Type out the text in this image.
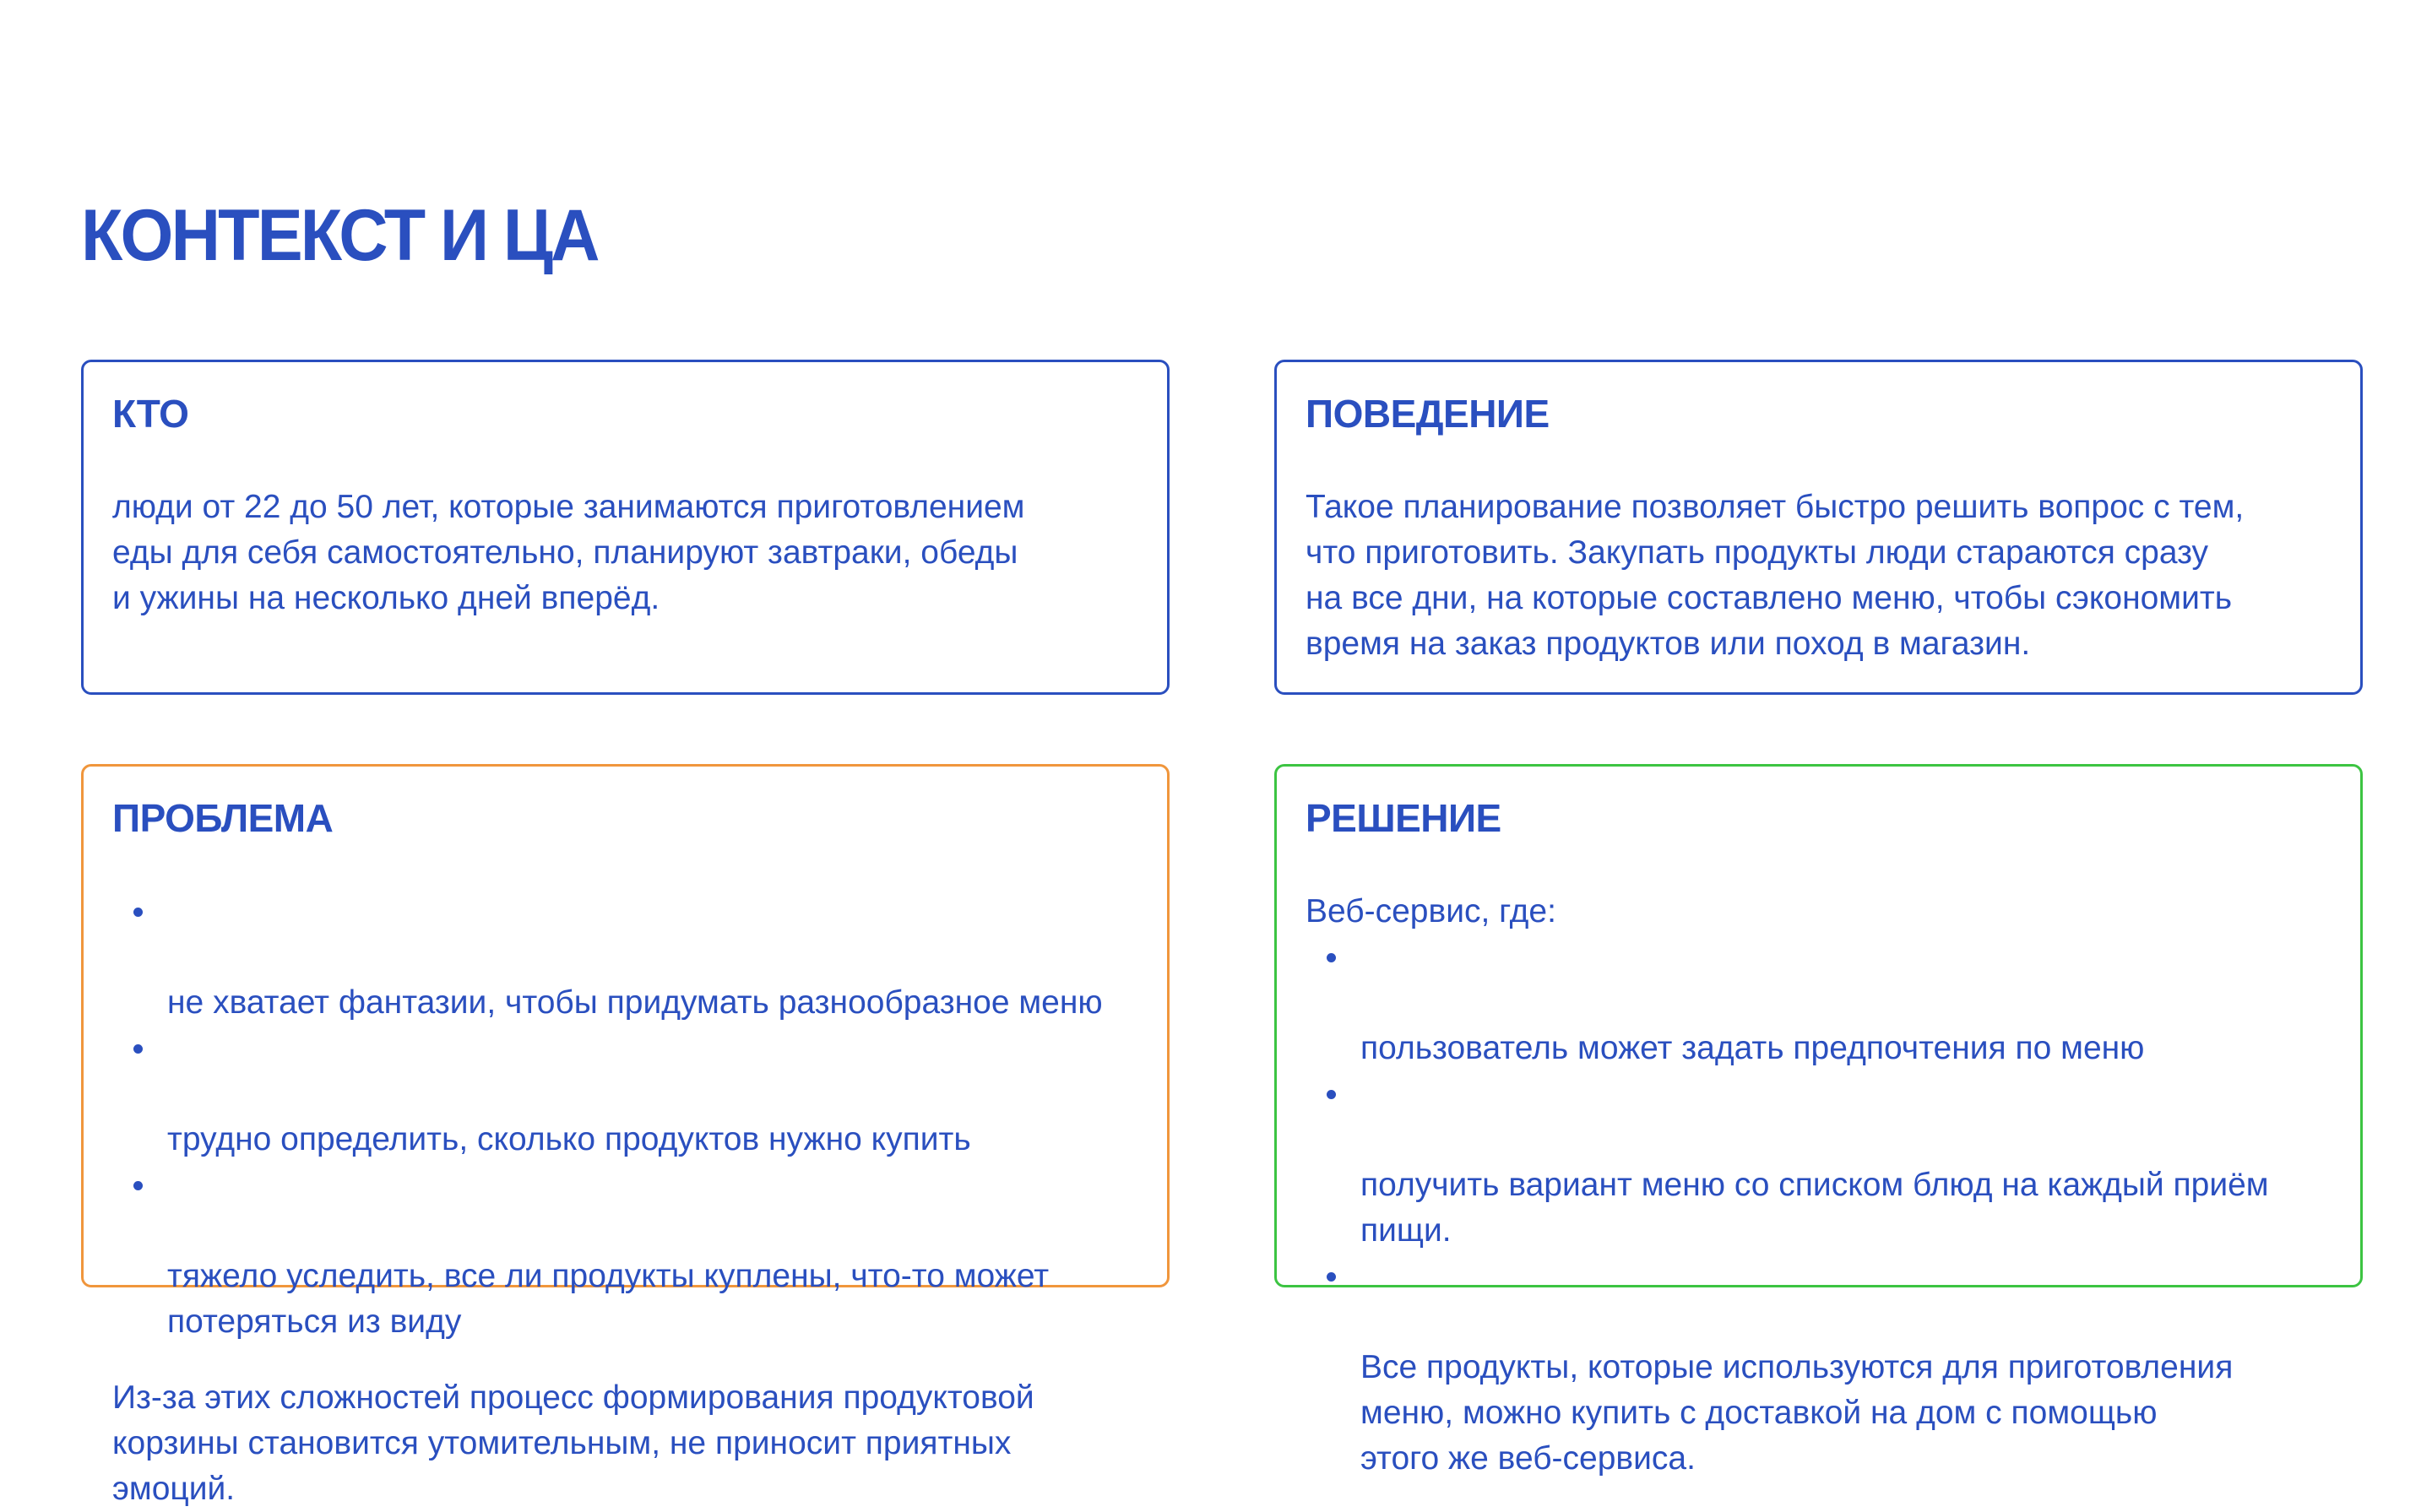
КОНТЕКСТ И ЦА
КТО

люди от 22 до 50 лет, которые занимаются приготовлением
еды для себя самостоятельно, планируют завтраки, обеды
и ужины на несколько дней вперёд.

ПОВЕДЕНИЕ

Такое планирование позволяет быстро решить вопрос с тем,
что приготовить. Закупать продукты люди стараются сразу
на все дни, на которые составлено меню, чтобы сэкономить
время на заказ продуктов или поход в магазин.

ПРОБЛЕМА

не хватает фантазии, чтобы придумать разнообразное меню

трудно определить, сколько продуктов нужно купить

тяжело уследить, все ли продукты куплены, что-то может
потеряться из виду

Из-за этих сложностей процесс формирования продуктовой
корзины становится утомительным, не приносит приятных
эмоций.

РЕШЕНИЕ

Веб-сервис, где:

пользователь может задать предпочтения по меню

получить вариант меню со списком блюд на каждый приём
пищи.

Все продукты, которые используются для приготовления
меню, можно купить с доставкой на дом с помощью
этого же веб-сервиса.
